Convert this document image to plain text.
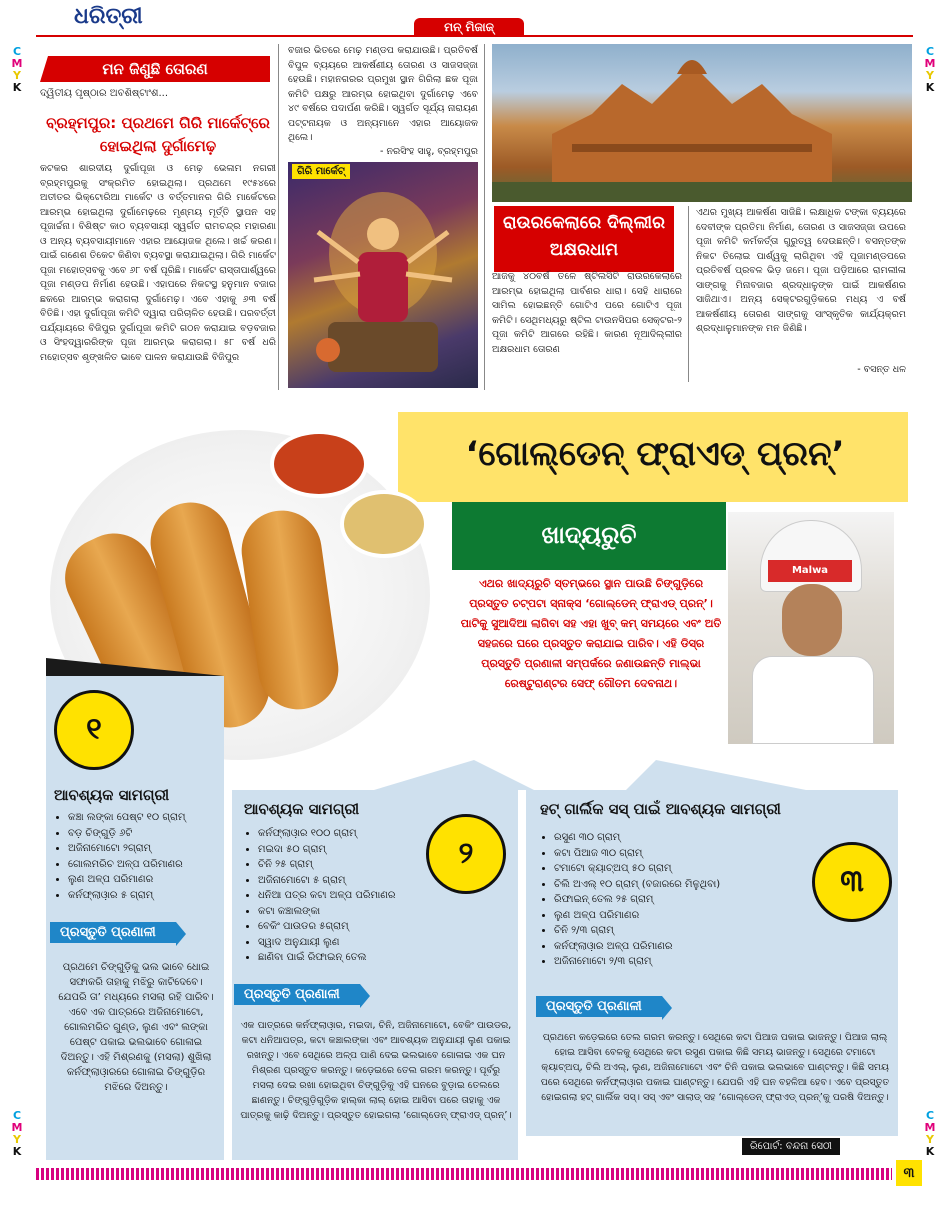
C
M
Y
K
C
M
Y
K
C
M
Y
K
C
M
Y
K
ଧରିତ୍ରୀ	ମନ୍ ମିଜାଜ୍
ମନ ଜିଣୁଛି ତୋରଣ
ଦ୍ୱିତୀୟ ପୃଷ୍ଠାର ଅବଶିଷ୍ଟାଂଶ...
ବ୍ରହ୍ମପୁର: ପ୍ରଥମେ ଗିରି ମାର୍କେଟ୍‌ରେ ହୋଇଥିଲା ଦୁର୍ଗାମେଢ଼
କଟକର ଶାରଦୀୟ ଦୁର୍ଗାପୂଜା ଓ ମେଢ଼ ଭେଳାମ ନଗରୀ ବ୍ରହ୍ମପୁରକୁ ସଂକ୍ରମିତ ହୋଇଥିଲା। ପ୍ରଥମେ ୧୯୫୪ରେ ଅତୀତର ଭିକ୍ଟୋରିଆ ମାର୍କେଟ ଓ ବର୍ତ୍ତମାନର ଗିରି ମାର୍କେଟରେ ଆରମ୍ଭ ହୋଇଥିଲା ଦୁର୍ଗାମେଢ଼ରେ ମୃଣ୍ମୟ ମୂର୍ତ୍ତି ସ୍ଥାପନ ସହ ପୂଜାର୍ଚ୍ଚନା। ବିଶିଷ୍ଟ କାଠ ବ୍ୟବସାୟୀ ସ୍ୱର୍ଗତ ରାମଚନ୍ଦ୍ର ମହାରଣା ଓ ଅନ୍ୟ ବ୍ୟବସାୟୀମାନେ ଏହାର ଆୟୋଜକ ଥିଲେ। ଖର୍ଚ୍ଚ କରଣ। ପାଇଁ ଗଣେଶ ତିକେଟ କିଣିବା ବ୍ୟବସ୍ଥା କରାଯାଇଥିଲା। ଗିରି ମାର୍କେଟ ପୂଜା ମହୋତ୍ସବକୁ ଏବେ ୬୮ ବର୍ଷ ପୂରିଛି। ମାର୍କେଟ ରାସ୍ତାପାର୍ଶ୍ୱରେ ପୂଜା ମଣ୍ଡପ ନିର୍ମାଣ ହେଉଛି। ଏହାପରେ ନିକଟସ୍ଥ ହନୁମାନ ବଜାର ଛକରେ ଆରମ୍ଭ କରାଗଲା ଦୁର୍ଗାମେଢ଼। ଏବେ ଏହାକୁ ୬୩ ବର୍ଷ ବିତିଛି। ଏହା ଦୁର୍ଗାପୂଜା କମିଟି ଦ୍ୱାରା ପରିଚାଳିତ ହେଉଛି। ପରବର୍ତ୍ତୀ ପର୍ଯ୍ୟାୟରେ ବିଜିପୁର ଦୁର୍ଗାପୂଜା କମିଟି ଗଠନ କରାଯାଇ ବଡ଼ବଜାର ଓ ସିଂହଦ୍ୱାରରିଙ୍କ ପୂଜା ଆରମ୍ଭ କରାଗଲା। ୫୮ ବର୍ଷ ଧରି ମହୋତ୍ସବ ଶୃଙ୍ଖଳିତ ଭାବେ ପାଳନ କରାଯାଉଛି ବିଜିପୁର
ବଜାର ଭିତରେ ମେଢ଼ ମଣ୍ଡପ କରାଯାଉଛି। ପ୍ରତିବର୍ଷ ବିପୁଳ ବ୍ୟୟରେ ଆକର୍ଷଣୀୟ ତୋରଣ ଓ ସାଜସଜ୍ଜା ହେଉଛି। ମହାନଗରର ପ୍ରମୁଖ ସ୍ଥାନ ଗିରିଲା ଛକ ପୂଜା କମିଟି ପକ୍ଷରୁ ଆରମ୍ଭ ହୋଇଥିବା ଦୁର୍ଗାମେଢ଼ ଏବେ ୪୯ ବର୍ଷରେ ପଦାର୍ପଣ କରିଛି। ସ୍ୱର୍ଗତ ସୂର୍ଯ୍ୟ ନାରାୟଣ ପଟ୍ଟନାୟକ ଓ ଅନ୍ୟମାନେ ଏହାର ଆୟୋଜକ ଥିଲେ।
- ନରସିଂହ ସାହୁ, ବ୍ରହ୍ମପୁର
ଗିରି ମାର୍କେଟ୍
ରାଉରକେଲାରେ ଦିଲ୍ଲୀର ଅକ୍ଷରଧାମ
ଆଜକୁ ୪୦ବର୍ଷ ତଳେ ଷ୍ଟିଲସିଟି ରାଉରକେଲାରେ ଆରମ୍ଭ ହୋଇଥିଲା ପାର୍ବଣର ଧାରା। ସେହି ଧାରାରେ ସାମିଲ ହୋଇଛନ୍ତି ଗୋଟିଏ ପରେ ଗୋଟିଏ ପୂଜା କମିଟି। ସେଥିମଧ୍ୟରୁ ଷ୍ଟିଲ ଟାଉନସିପର ସେକ୍ଟର-୨ ପୂଜା କମିଟି ଆଗରେ ରହିଛି। କାରଣ ନୂଆଦିଲ୍ଲୀର ଅକ୍ଷରଧାମ ତୋରଣ
ଏଥର ମୁଖ୍ୟ ଆକର୍ଷଣ ସାଜିଛି। ଲକ୍ଷାଧିକ ଟଙ୍କା ବ୍ୟୟରେ ଦେବୀଙ୍କ ପ୍ରତିମା ନିର୍ମାଣ, ତୋରଣ ଓ ସାଜସଜ୍ଜା ଉପରେ ପୂଜା କମିଟି କର୍ମକର୍ତ୍ତା ଗୁରୁତ୍ୱ ଦେଉଛନ୍ତି। ବସନ୍ତଙ୍କ ନିକଟ ତିଲୋଇ ପାର୍ଶ୍ୱକୁ ଲାଗିଥିବା ଏହି ପୂଜାମଣ୍ଡପରେ ପ୍ରତିବର୍ଷ ପ୍ରବଳ ଭିଡ଼ ଜମେ। ପୂଜା ପଡ଼ିଆରେ ରାମଲୀଳା ସାଙ୍ଗକୁ ମିନାବଜାର ଶ୍ରଦ୍ଧାଳୁଙ୍କ ପାଇଁ ଆକର୍ଷଣର ସାଜିଥାଏ। ଅନ୍ୟ ସେକ୍ଟରଗୁଡ଼ିକରେ ମଧ୍ୟ ଏ ବର୍ଷ ଆକର୍ଷଣୀୟ ତୋରଣ ସାଙ୍ଗକୁ ସାଂସ୍କୃତିକ କାର୍ଯ୍ୟକ୍ରମ ଶ୍ରଦ୍ଧାଳୁମାନଙ୍କ ମନ ଜିଣିଛି।
- ବସନ୍ତ ଧଳ
‘ଗୋଲ୍‌ଡେନ୍ ଫ୍ରାଏଡ୍ ପ୍ରନ୍’
ଖାଦ୍ୟରୁଚି
Malwa
ଏଥର ଖାଦ୍ୟରୁଚି ସ୍ତମ୍ଭରେ ସ୍ଥାନ ପାଉଛି ଚିଙ୍ଗୁଡ଼ିରେ ପ୍ରସ୍ତୁତ ଚଟ୍‌ପଟା ସ୍ନାକ୍ସ ‘ଗୋଲ୍‌ଡେନ୍ ଫ୍ରାଏଡ୍ ପ୍ରନ୍’। ପାଟିକୁ ସୁଆଦିଆ ଲାଗିବା ସହ ଏହା ଖୁବ୍ କମ୍ ସମୟରେ ଏବଂ ଅତି ସହଜରେ ଘରେ ପ୍ରସ୍ତୁତ କରାଯାଇ ପାରିବ। ଏହି ଡିସ୍‌ର ପ୍ରସ୍ତୁତି ପ୍ରଣାଳୀ ସମ୍ପର୍କରେ ଜଣାଉଛନ୍ତି ମାଲ୍ଭା ରେଷ୍ଟୁରାଣ୍ଟର ସେଫ୍ ଗୌତମ ଦେବନାଥ।
୧
ଆବଶ୍ୟକ ସାମଗ୍ରୀ
• କଞ୍ଚା ଲଙ୍କା ପେଷ୍ଟ ୧୦ ଗ୍ରାମ୍
• ବଡ଼ ଚିଙ୍ଗୁଡ଼ି ୬ଟି
• ଅଜିନାମୋଟୋ ୨ଗ୍ରାମ୍
• ଗୋଲମରିଚ ଅଳ୍ପ ପରିମାଣର
• ଲୁଣ ଅଳ୍ପ ପରିମାଣର
• କର୍ନଫ୍ଲାଓ଼ାର ୫ ଗ୍ରାମ୍
ପ୍ରସ୍ତୁତି ପ୍ରଣାଳୀ
ପ୍ରଥମେ ଚିଙ୍ଗୁଡ଼ିକୁ ଭଲ ଭାବେ ଧୋଇ ସଫାକରି ତାହାକୁ ମଝିରୁ କାଟିଦେବେ। ଯେପରି ତା’ ମଧ୍ୟରେ ମସଲା ରହି ପାରିବ। ଏବେ ଏକ ପାତ୍ରରେ ଅଜିନାମୋଟୋ, ଗୋଲମରିଚ ଗୁଣ୍ଡ, ଲୁଣ ଏବଂ ଲଙ୍କା ପେଷ୍ଟ ପକାଇ ଭଲଭାବେ ଗୋଳାଇ ଦିଅନ୍ତୁ। ଏହି ମିଶ୍ରଣକୁ (ମସଲା) ଶୁଖିଲା କର୍ନଫ୍ଲାଓ଼ାରରେ ଗୋଳାଇ ଚିଙ୍ଗୁଡ଼ିର ମଝିରେ ଦିଅନ୍ତୁ।
ଆବଶ୍ୟକ ସାମଗ୍ରୀ
• କର୍ନଫ୍ଲାଓ଼ାର ୧୦୦ ଗ୍ରାମ୍
• ମଇଦା ୫୦ ଗ୍ରାମ୍
• ଚିନି ୨୫ ଗ୍ରାମ୍
• ଅଜିନାମୋଟୋ ୫ ଗ୍ରାମ୍
• ଧନିଆ ପତ୍ର କଟା ଅଳ୍ପ ପରିମାଣର
• କଟା କଞ୍ଚାଲଙ୍କା
• ବେକିଂ ପାଉଡର ୫ଗ୍ରାମ୍
• ସ୍ୱାଦ ଅନୁଯାୟୀ ଲୁଣ
• ଛାଣିବା ପାଇଁ ରିଫାଇନ୍ ତେଲ
୨
ପ୍ରସ୍ତୁତି ପ୍ରଣାଳୀ
ଏକ ପାତ୍ରରେ କର୍ନଫ୍ଲାଓ଼ାର, ମଇଦା, ଚିନି, ଅଜିନାମୋଟୋ, ବେକିଂ ପାଉଡର, କଟା ଧନିଆପତ୍ର, କଟା କଞ୍ଚାଲଙ୍କା ଏବଂ ଆବଶ୍ୟକ ଅନୁଯାୟୀ ଲୁଣ ପକାଇ ରଖନ୍ତୁ। ଏବେ ସେଥିରେ ଅଳ୍ପ ପାଣି ଦେଇ ଭଲଭାବେ ଗୋଳାଇ ଏକ ଘନ ମିଶ୍ରଣ ପ୍ରସ୍ତୁତ କରନ୍ତୁ। କଡ଼େଇରେ ତେଲ ଗରମ କରନ୍ତୁ। ପୂର୍ବରୁ ମସଲା ଦେଇ ରଖା ହୋଇଥିବା ଚିଙ୍ଗୁଡ଼ିକୁ ଏହି ଘନରେ ବୁଡ଼ାଇ ତେଲରେ ଛାଣନ୍ତୁ। ଚିଙ୍ଗୁଡ଼ିଗୁଡ଼ିକ ହାଲ୍‌କା ଲାଲ୍ ହୋଇ ଆସିବା ପରେ ତାହାକୁ ଏକ ପାତ୍ରକୁ କାଢ଼ି ଦିଅନ୍ତୁ। ପ୍ରସ୍ତୁତ ହୋଇଗଲା ‘ଗୋଲ୍‌ଡେନ୍ ଫ୍ରାଏଡ୍ ପ୍ରନ୍’।
ହଟ୍ ଗାର୍ଲିକ ସସ୍ ପାଇଁ ଆବଶ୍ୟକ ସାମଗ୍ରୀ
• ରସୁଣ ୩୦ ଗ୍ରାମ୍
• କଟା ପିଆଜ ୩୦ ଗ୍ରାମ୍
• ଟମାଟୋ କ୍ୟାଚ୍‌ଅପ୍ ୫୦ ଗ୍ରାମ୍
• ଚିଲି ଅଏଲ୍ ୧୦ ଗ୍ରାମ୍ (ବଜାରରେ ମିଳୁଥିବା)
• ରିଫାଇନ୍ ତେଲ ୨୫ ଗ୍ରାମ୍
• ଲୁଣ ଅଳ୍ପ ପରିମାଣର
• ଚିନି ୨/୩ ଗ୍ରାମ୍
• କର୍ନଫ୍ଲାଓ଼ାର ଅଳ୍ପ ପରିମାଣର
• ଅଜିନାମୋଟୋ ୨/୩ ଗ୍ରାମ୍
୩
ପ୍ରସ୍ତୁତି ପ୍ରଣାଳୀ
ପ୍ରଥମେ କଡ଼େଇରେ ତେଲ ଗରମ କରନ୍ତୁ। ସେଥିରେ କଟା ପିଆଜ ପକାଇ ଭାଜନ୍ତୁ। ପିଆଜ ଲାଲ୍ ହୋଇ ଆସିବା ବେଳକୁ ସେଥିରେ କଟା ରସୁଣ ପକାଇ କିଛି ସମୟ ଭାଜନ୍ତୁ। ସେଥିରେ ଟମାଟୋ କ୍ୟାଚ୍‌ଅପ୍, ଚିଲି ଅଏଲ୍, ଲୁଣ, ଅଜିନାମୋଟୋ ଏବଂ ଚିନି ପକାଇ ଭଲଭାବେ ଘାଣ୍ଟନ୍ତୁ। କିଛି ସମୟ ପରେ ସେଥିରେ କର୍ନଫ୍ଲାଓ଼ାର ପକାଇ ଘାଣ୍ଟନ୍ତୁ। ଯେପରି ଏହି ଘନ ବହଳିଆ ହେବ। ଏବେ ପ୍ରସ୍ତୁତ ହୋଇଗଲା ହଟ୍ ଗାର୍ଲିକ ସସ୍। ସସ୍ ଏବଂ ସାଲାଡ୍ ସହ ‘ଗୋଲ୍‌ଡେନ୍ ଫ୍ରାଏଡ୍ ପ୍ରନ୍’କୁ ପରଷି ଦିଅନ୍ତୁ।
ରିପୋର୍ଟ: ବନ୍ଦନା ସେଠୀ
୩
